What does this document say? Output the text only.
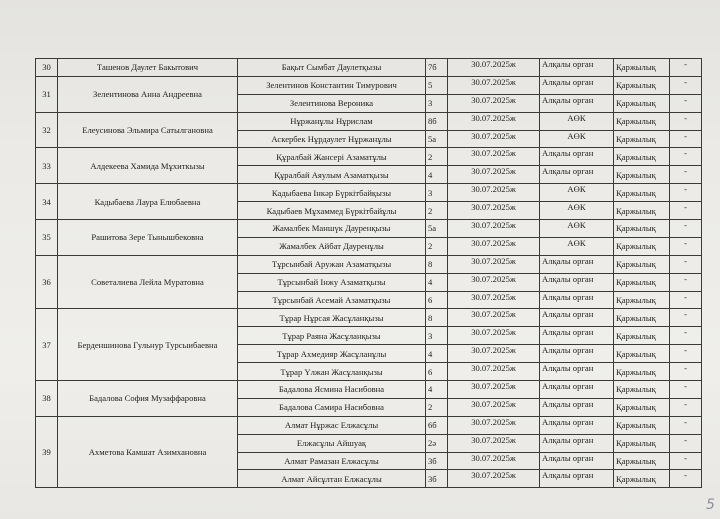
30	Ташенов Даулет Бакытович	Бақыт Сымбат Даулетқызы	7б	30.07.2025ж	Алқалы орган	Қаржылық	-
31	Зелентинова Анна Андреевна	Зелентинов Константин Тимурович	5	30.07.2025ж	Алқалы орган	Қаржылық	-
		Зелентинова Вероника	3	30.07.2025ж	Алқалы орган	Қаржылық	-
32	Елеусинова Эльмира Сатылгановна	Нұржанұлы Нұрислам	8б	30.07.2025ж	АӨК	Қаржылық	-
		Аскербек Нұрдаулет Нұржанұлы	5а	30.07.2025ж	АӨК	Қаржылық	-
33	Алдекеева Хамида Мұхиткызы	Құралбай Жансері Азаматұлы	2	30.07.2025ж	Алқалы орган	Қаржылық	-
		Құралбай Аяулым Азаматқызы	4	30.07.2025ж	Алқалы орган	Қаржылық	-
34	Кадыбаева Лаура Елюбаевна	Кадыбаева Інкәр Бүркітбайқызы	3	30.07.2025ж	АӨК	Қаржылық	-
		Кадыбаев Мұхаммед Бүркітбайұлы	2	30.07.2025ж	АӨК	Қаржылық	-
35	Рашитова Зере Тынышбековна	Жамалбек Маншүк Дауренқызы	5а	30.07.2025ж	АӨК	Қаржылық	-
		Жамалбек Айбат Дауренұлы	2	30.07.2025ж	АӨК	Қаржылық	-
36	Советалиева Лейла Муратовна	Тұрсынбай Аружан Азаматқызы	8	30.07.2025ж	Алқалы орган	Қаржылық	-
		Тұрсынбай Інжу Азаматқызы	4	30.07.2025ж	Алқалы орган	Қаржылық	-
		Тұрсынбай Асемай Азаматқызы	6	30.07.2025ж	Алқалы орган	Қаржылық	-
37	Берденшинова Гульнур Турсыибаевна	Тұрар Нұрсая Жасұланқызы	8	30.07.2025ж	Алқалы орган	Қаржылық	-
		Тұрар Раяна Жасұланқызы	3	30.07.2025ж	Алқалы орган	Қаржылық	-
		Тұрар Ахмедияр Жасұланұлы	4	30.07.2025ж	Алқалы орган	Қаржылық	-
		Тұрар Үлжан Жасұланқызы	6	30.07.2025ж	Алқалы орган	Қаржылық	-
38	Бадалова София Музаффаровна	Бадалова Ясмина Насибовна	4	30.07.2025ж	Алқалы орган	Қаржылық	-
		Бадалова Самира Насибовна	2	30.07.2025ж	Алқалы орган	Қаржылық	-
39	Ахметова Камшат Азимхановна	Алмат Нұржас Елжасұлы	6б	30.07.2025ж	Алқалы орган	Қаржылық	-
		Елжасұлы Айшуақ	2ә	30.07.2025ж	Алқалы орган	Қаржылық	-
		Алмат Рамазан Елжасұлы	3б	30.07.2025ж	Алқалы орган	Қаржылық	-
		Алмат Айсұлтан Елжасұлы	3б	30.07.2025ж	Алқалы орган	Қаржылық	-
5
